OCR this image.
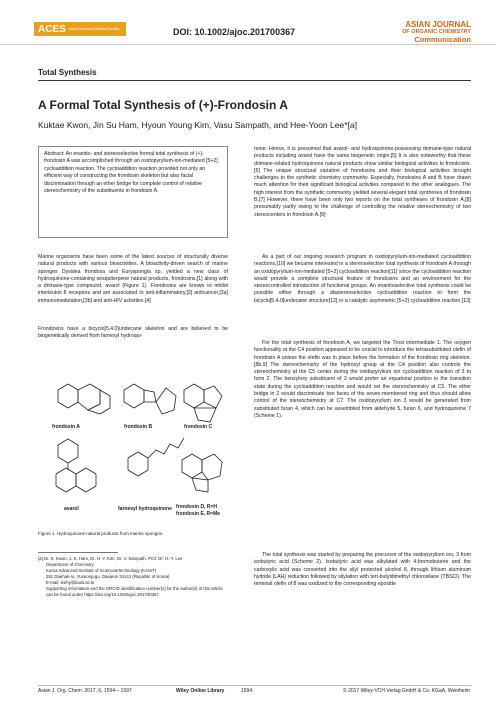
ACES Asian Chemical Editorial Society	DOI: 10.1002/ajoc.201700367
ASIAN JOURNAL
OF ORGANIC CHEMISTRY
Communication
Total Synthesis
A Formal Total Synthesis of (+)-Frondosin A
Kuktae Kwon, Jin Su Ham, Hyoun Young Kim, Vasu Sampath, and Hee-Yoon Lee*[a]
Abstract: An enantio- and stereoselective formal total synthesis of (+)-frondosin A was accomplished through an oxidopyrylium-ion-mediated [5+2] cycloaddition reaction. The cycloaddition reaction provided not only an efficient way of constructing the frondosin skeleton but also facial discrimination through an ether bridge for complete control of relative stereochemistry of the substituents in frondosin A.
Marine organisms have been some of the latest sources of structurally diverse natural products with various bioactivities. A bioactivity-driven search of marine sponges Dysidea frondosa and Euryspongia sp. yielded a new class of hydroquinone-containing sesquiterpene natural products, frondosins,[1] along with a drimane-type compound, avarol (Figure 1). Frondosins are known to inhibit interleukin 8 receptors and are associated to anti-inflammatory,[2] anticancer,[3a] immunomodulation,[3b] and anti-HIV activities.[4]
Frondosins have a bicyclo[5.4.0]undecane skeleton and are believed to be biogenetically derived from farnesyl hydroqui-
frondosin A	frondosin B	frondosin C
avarol	farnesyl hydroquinone frondosin D, R=H
frondosin E, R=Me
Figure 1. Hydroquinone natural products from marine sponges.
[a] Dr. K. Kwon, J. S. Ham, Dr. H. Y. Kim, Dr. V. Sampath, Prof. Dr. H.-Y. Lee
Department of Chemistry
Korea Advanced Institute of Science&Technology (KAIST)
291 Daehak-ro, Yuseong-gu, Daejeon 34141 (Republic of Korea)
E-mail: leehy@kaist.ac.kr
Supporting information and the ORCID identification number(s) for the author(s) of this article can be found under https://doi.org/10.1002/ajoc.201700367.
none. Hence, it is presumed that avarol- and hydroquinone-possessing drimane-type natural products including avarol have the same biogenetic origin.[5] It is also noteworthy that these drimane-related hydroquinone natural products show similar biological activities to frondosins.[6] The unique structural variation of frondosins and their biological activities brought challenges to the synthetic chemistry community. Especially, frondosins A and B have drawn much attention for their significant biological activities compared to the other analogues. The high interest from the synthetic community yielded several elegant total syntheses of frondosin B.[7] However, there have been only two reports on the total syntheses of frondosin A,[8] presumably partly owing to the challenge of controlling the relative stereochemistry of two stereocenters in frondosin A.[9]
As a part of our ongoing research program in oxidopyrylium-ion-mediated cycloaddition reactions,[10] we became interested in a stereoselective total synthesis of frondosin A through an oxidopyrylium-ion-mediated [5+2] cycloaddition reaction[11] since the cycloaddition reaction would provide a complete structural feature of frondosins and an environment for the stereocontrolled introduction of functional groups. An enantioselective total synthesis could be possible either through a diastereoselective cycloaddition reaction to form the bicyclo[5.4.0]undecane structure[12] or a catalytic asymmetric [5+2] cycloaddition reaction.[13]
For the total synthesis of frondosin A, we targeted the Trost intermediate 1. The oxygen functionality at the C4 position appeared to be crucial to introduce the tetrasubstituted olefin of frondosin A unless the olefin was in place before the formation of the frondosin ring skeleton.[8b,9] The stereochemistry of the hydroxyl group at the C4 position also controls the stereochemistry at the C5 center during the oxidopyrylium ion cycloaddition reaction of 3 to form 2. The benzyloxy substituent of 3 would prefer an equatorial position in the transition state during the cycloaddition reaction and would set the stereochemistry at C5. The ether bridge in 2 would discriminate two faces of the seven-membered ring and thus should allow control of the stereochemistry at C7. The oxidopyrylium ion 3 would be generated from substituted furan 4, which can be assembled from aldehyde 5, furan 6, and hydroquinone 7 (Scheme 1).
The total synthesis was started by preparing the precursor of the oxidopyrylium ion, 3 from isobutyric acid (Scheme 2). Isobutyric acid was alkylated with 4-bromobutene and the carboxylic acid was converted into the silyl protected alcohol 8, through lithium aluminum hydride (LAH) reduction followed by silylation with tert-butyldimethyl chlorosilane (TBSCl). The terminal olefin of 8 was oxidized to the corresponding epoxide
Asian J. Org. Chem. 2017, 6, 1594 – 1597	Wiley Online Library	1594	© 2017 Wiley-VCH Verlag GmbH & Co. KGaA, Weinheim
